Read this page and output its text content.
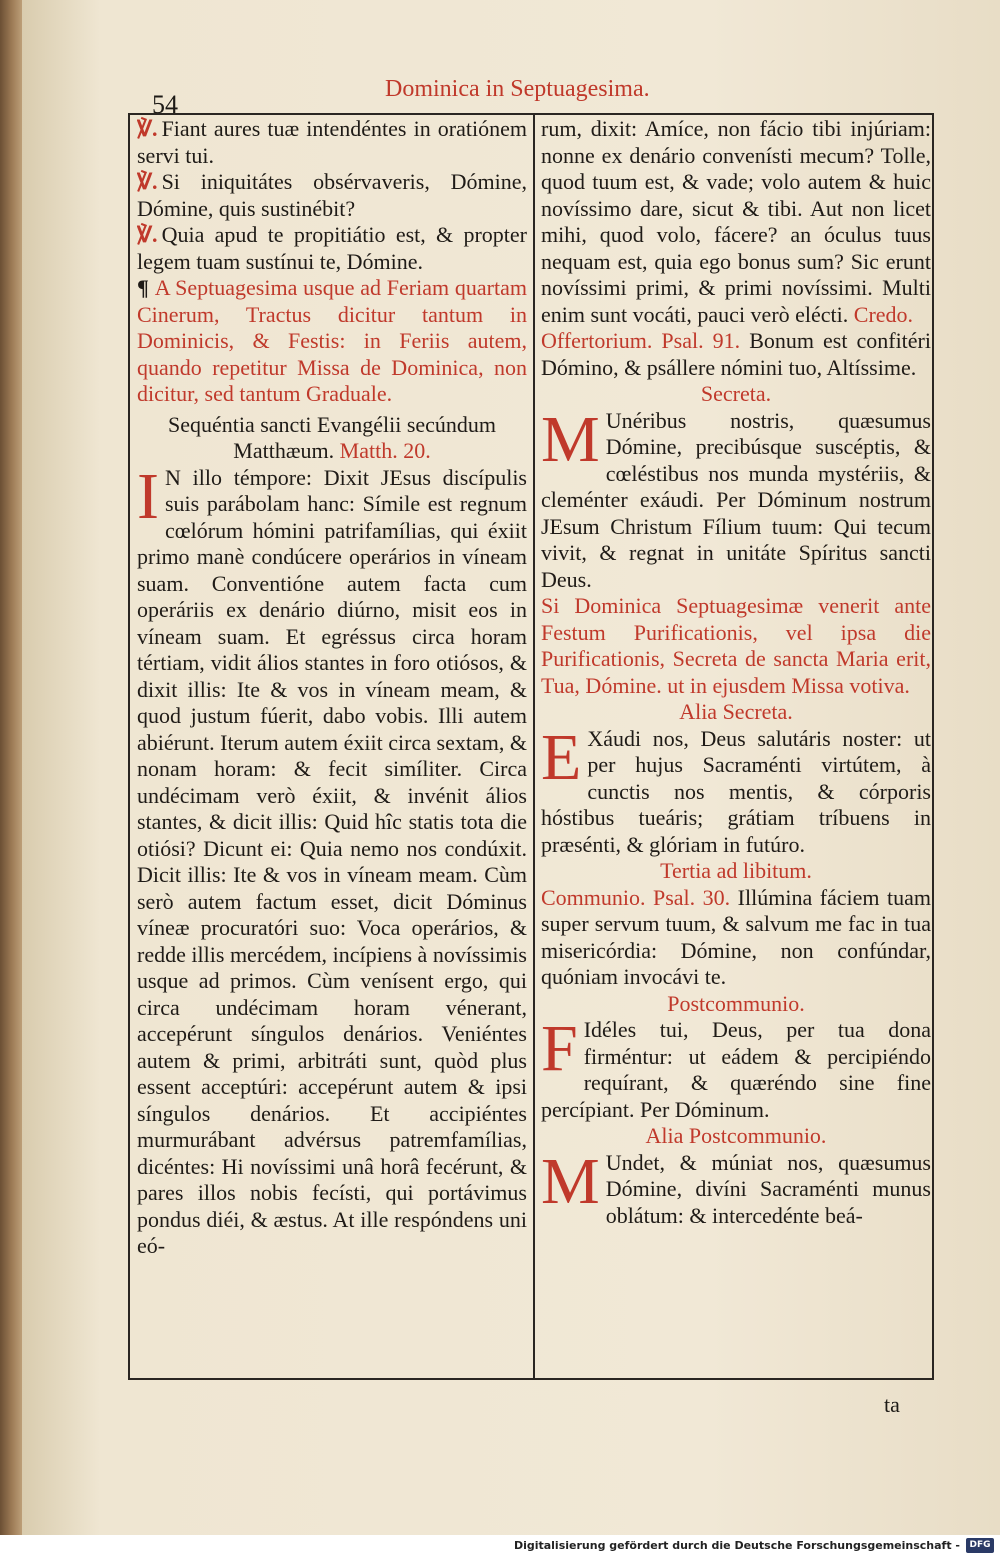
54
Dominica in Septuagesima.

℣. Fiant aures tuæ intendéntes in oratiónem servi tui.

℣. Si iniquitátes obsérvaveris, Dómine, Dómine, quis sustinébit?

℣. Quia apud te propitiátio est, & propter legem tuam sustínui te, Dómine.

¶ A Septuagesima usque ad Feriam quartam Cinerum, Tractus dicitur tantum in Dominicis, & Festis: in Feriis autem, quando repetitur Missa de Dominica, non dicitur, sed tantum Graduale.

Sequéntia sancti Evangélii secúndum

Matthæum. Matth. 20.

I N illo témpore: Dixit JEsus discípulis suis parábolam hanc: Símile est regnum cœlórum hómini patrifamílias, qui éxiit primo manè condúcere operários in víneam suam. Conventióne autem facta cum operáriis ex denário diúrno, misit eos in víneam suam. Et egréssus circa horam tértiam, vidit álios stantes in foro otiósos, & dixit illis: Ite & vos in víneam meam, & quod justum fúerit, dabo vobis. Illi autem abiérunt. Iterum autem éxiit circa sextam, & nonam horam: & fecit simíliter. Circa undécimam verò éxiit, & invénit álios stantes, & dicit illis: Quid hîc statis tota die otiósi? Dicunt ei: Quia nemo nos condúxit. Dicit illis: Ite & vos in víneam meam. Cùm serò autem factum esset, dicit Dóminus víneæ procuratóri suo: Voca operários, & redde illis mercédem, incípiens à novíssimis usque ad primos. Cùm venísent ergo, qui circa undécimam horam vénerant, accepérunt síngulos denários. Veniéntes autem & primi, arbitráti sunt, quòd plus essent acceptúri: accepérunt autem & ipsi síngulos denários. Et accipiéntes murmurábant advérsus patremfamílias, dicéntes: Hi novíssimi unâ horâ fecérunt, & pares illos nobis fecísti, qui portávimus pondus diéi, & æstus. At ille respóndens uni eó-

rum, dixit: Amíce, non fácio tibi injúriam: nonne ex denário convenísti mecum? Tolle, quod tuum est, & vade; volo autem & huic novíssimo dare, sicut & tibi. Aut non licet mihi, quod volo, fácere? an óculus tuus nequam est, quia ego bonus sum? Sic erunt novíssimi primi, & primi novíssimi. Multi enim sunt vocáti, pauci verò elécti. Credo.

Offertorium. Psal. 91. Bonum est confitéri Dómino, & psállere nómini tuo, Altíssime.

Secreta.

M Unéribus nostris, quæsumus Dómine, precibúsque suscéptis, & cœléstibus nos munda mystériis, & cleménter exáudi. Per Dóminum nostrum JEsum Christum Fílium tuum: Qui tecum vivit, & regnat in unitáte Spíritus sancti Deus.

Si Dominica Septuagesimæ venerit ante Festum Purificationis, vel ipsa die Purificationis, Secreta de sancta Maria erit, Tua, Dómine. ut in ejusdem Missa votiva.

Alia Secreta.

E Xáudi nos, Deus salutáris noster: ut per hujus Sacraménti virtútem, à cunctis nos mentis, & córporis hóstibus tueáris; grátiam tríbuens in præsénti, & glóriam in futúro.

Tertia ad libitum.

Communio. Psal. 30. Illúmina fáciem tuam super servum tuum, & salvum me fac in tua misericórdia: Dómine, non confúndar, quóniam invocávi te.

Postcommunio.

F Idéles tui, Deus, per tua dona firméntur: ut eádem & percipiéndo requírant, & quæréndo sine fine percípiant. Per Dóminum.

Alia Postcommunio.

M Undet, & múniat nos, quæsumus Dómine, divíni Sacraménti munus oblátum: & intercedénte beá-

ta
Digitalisierung gefördert durch die Deutsche Forschungsgemeinschaft -	DFG
